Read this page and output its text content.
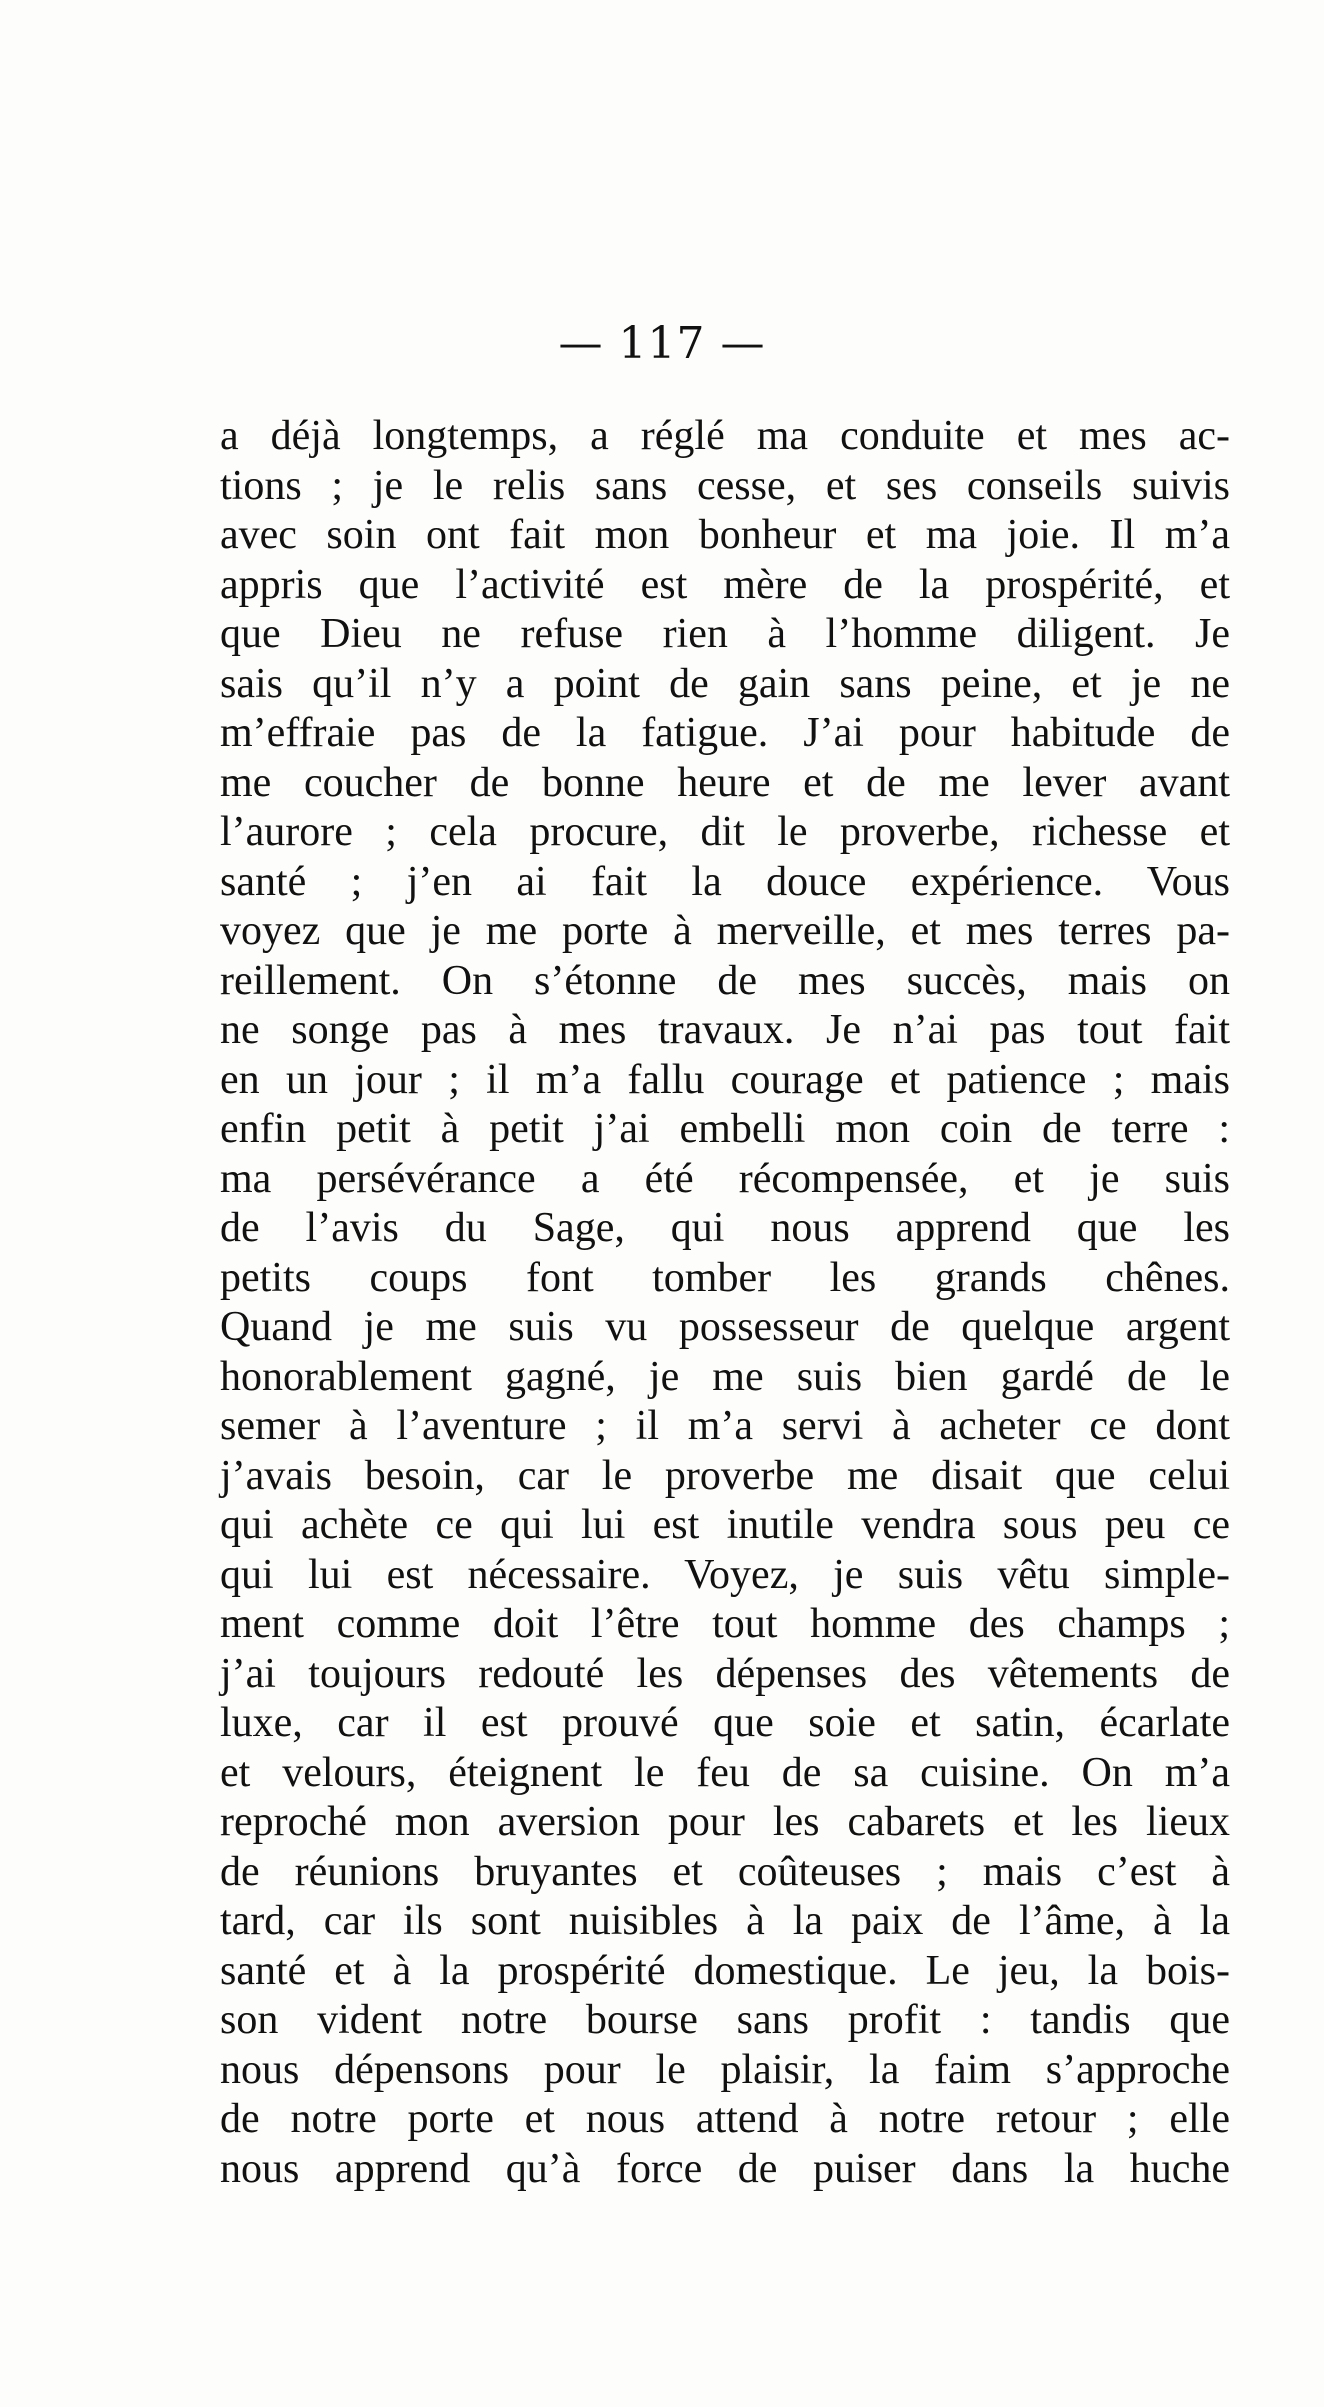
— 117 —
a déjà longtemps, a réglé ma conduite et mes ac-
tions ; je le relis sans cesse, et ses conseils suivis
avec soin ont fait mon bonheur et ma joie. Il m’a
appris que l’activité est mère de la prospérité, et
que Dieu ne refuse rien à l’homme diligent. Je
sais qu’il n’y a point de gain sans peine, et je ne
m’effraie pas de la fatigue. J’ai pour habitude de
me coucher de bonne heure et de me lever avant
l’aurore ; cela procure, dit le proverbe, richesse et
santé ; j’en ai fait la douce expérience. Vous
voyez que je me porte à merveille, et mes terres pa-
reillement. On s’étonne de mes succès, mais on
ne songe pas à mes travaux. Je n’ai pas tout fait
en un jour ; il m’a fallu courage et patience ; mais
enfin petit à petit j’ai embelli mon coin de terre :
ma persévérance a été récompensée, et je suis
de l’avis du Sage, qui nous apprend que les
petits coups font tomber les grands chênes.
Quand je me suis vu possesseur de quelque argent
honorablement gagné, je me suis bien gardé de le
semer à l’aventure ; il m’a servi à acheter ce dont
j’avais besoin, car le proverbe me disait que celui
qui achète ce qui lui est inutile vendra sous peu ce
qui lui est nécessaire. Voyez, je suis vêtu simple-
ment comme doit l’être tout homme des champs ;
j’ai toujours redouté les dépenses des vêtements de
luxe, car il est prouvé que soie et satin, écarlate
et velours, éteignent le feu de sa cuisine. On m’a
reproché mon aversion pour les cabarets et les lieux
de réunions bruyantes et coûteuses ; mais c’est à
tard, car ils sont nuisibles à la paix de l’âme, à la
santé et à la prospérité domestique. Le jeu, la bois-
son vident notre bourse sans profit : tandis que
nous dépensons pour le plaisir, la faim s’approche
de notre porte et nous attend à notre retour ; elle
nous apprend qu’à force de puiser dans la huche
